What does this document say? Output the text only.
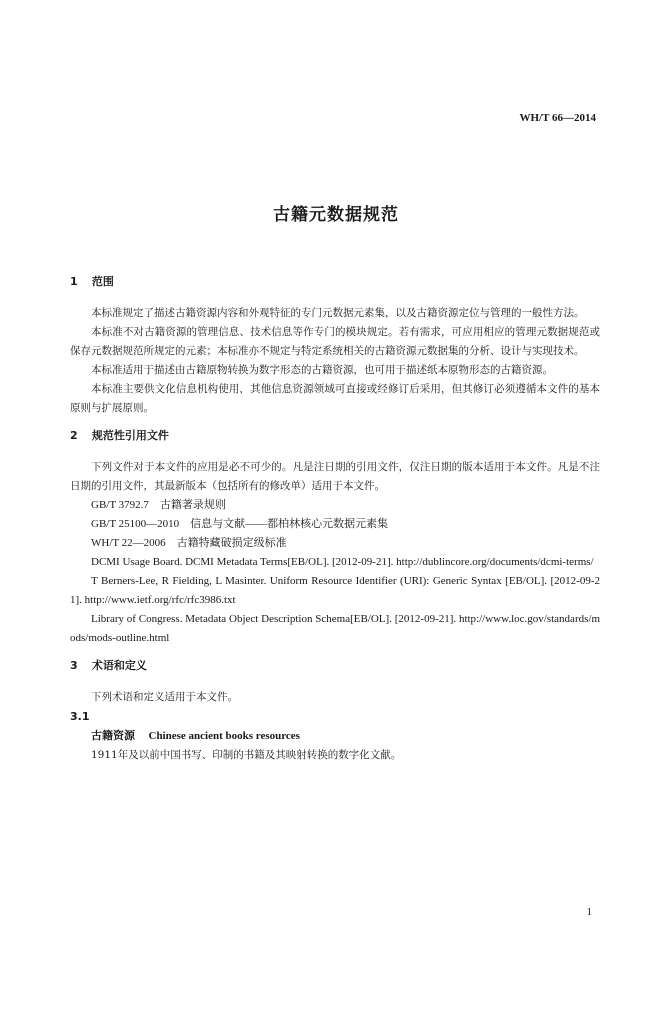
WH/T 66—2014
古籍元数据规范
1 范围

本标准规定了描述古籍资源内容和外观特征的专门元数据元素集，以及古籍资源定位与管理的一般性方法。

本标准不对古籍资源的管理信息、技术信息等作专门的模块规定。若有需求，可应用相应的管理元数据规范或保存元数据规范所规定的元素；本标准亦不规定与特定系统相关的古籍资源元数据集的分析、设计与实现技术。

本标准适用于描述由古籍原物转换为数字形态的古籍资源，也可用于描述纸本原物形态的古籍资源。

本标准主要供文化信息机构使用，其他信息资源领域可直接或经修订后采用，但其修订必须遵循本文件的基本原则与扩展原则。

2 规范性引用文件

下列文件对于本文件的应用是必不可少的。凡是注日期的引用文件，仅注日期的版本适用于本文件。凡是不注日期的引用文件，其最新版本（包括所有的修改单）适用于本文件。

GB/T 3792.7　古籍著录规则

GB/T 25100—2010　信息与文献——都柏林核心元数据元素集

WH/T 22—2006　古籍特藏破损定级标准

DCMI Usage Board. DCMI Metadata Terms[EB/OL]. [2012-09-21]. http://dublincore.org/documents/dcmi-terms/

T Berners-Lee, R Fielding, L Masinter. Uniform Resource Identifier (URI): Generic Syntax [EB/OL]. [2012-09-21]. http://www.ietf.org/rfc/rfc3986.txt

Library of Congress. Metadata Object Description Schema[EB/OL]. [2012-09-21]. http://www.loc.gov/standards/mods/mods-outline.html

3 术语和定义

下列术语和定义适用于本文件。

3.1

古籍资源 Chinese ancient books resources

1911年及以前中国书写、印制的书籍及其映射转换的数字化文献。

1
